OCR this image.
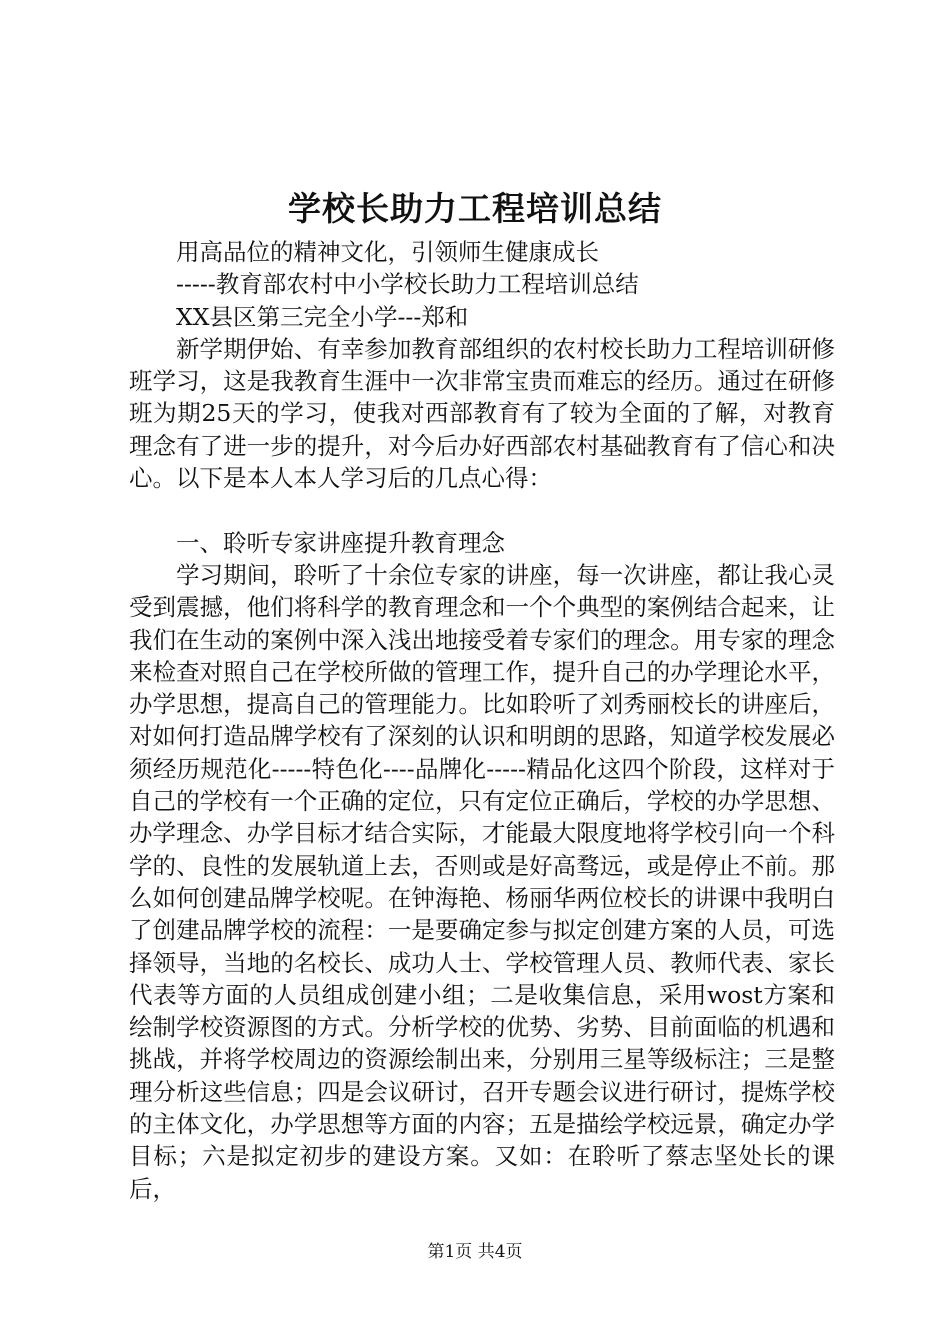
学校长助力工程培训总结

用高品位的精神文化，引领师生健康成长

-----教育部农村中小学校长助力工程培训总结

XX县区第三完全小学---郑和

新学期伊始、有幸参加教育部组织的农村校长助力工程培训研修班学习，这是我教育生涯中一次非常宝贵而难忘的经历。通过在研修班为期25天的学习，使我对西部教育有了较为全面的了解，对教育理念有了进一步的提升，对今后办好西部农村基础教育有了信心和决心。以下是本人本人学习后的几点心得：

一、聆听专家讲座提升教育理念

学习期间，聆听了十余位专家的讲座，每一次讲座，都让我心灵受到震撼，他们将科学的教育理念和一个个典型的案例结合起来，让我们在生动的案例中深入浅出地接受着专家们的理念。用专家的理念来检查对照自己在学校所做的管理工作，提升自己的办学理论水平，办学思想，提高自己的管理能力。比如聆听了刘秀丽校长的讲座后，对如何打造品牌学校有了深刻的认识和明朗的思路，知道学校发展必须经历规范化-----特色化----品牌化-----精品化这四个阶段，这样对于自己的学校有一个正确的定位，只有定位正确后，学校的办学思想、办学理念、办学目标才结合实际，才能最大限度地将学校引向一个科学的、良性的发展轨道上去，否则或是好高骛远，或是停止不前。那么如何创建品牌学校呢。在钟海艳、杨丽华两位校长的讲课中我明白了创建品牌学校的流程：一是要确定参与拟定创建方案的人员，可选择领导，当地的名校长、成功人士、学校管理人员、教师代表、家长代表等方面的人员组成创建小组；二是收集信息，采用wost方案和绘制学校资源图的方式。分析学校的优势、劣势、目前面临的机遇和挑战，并将学校周边的资源绘制出来，分别用三星等级标注；三是整理分析这些信息；四是会议研讨，召开专题会议进行研讨，提炼学校的主体文化，办学思想等方面的内容；五是描绘学校远景，确定办学目标；六是拟定初步的建设方案。又如：在聆听了蔡志坚处长的课后，

第1页 共4页
